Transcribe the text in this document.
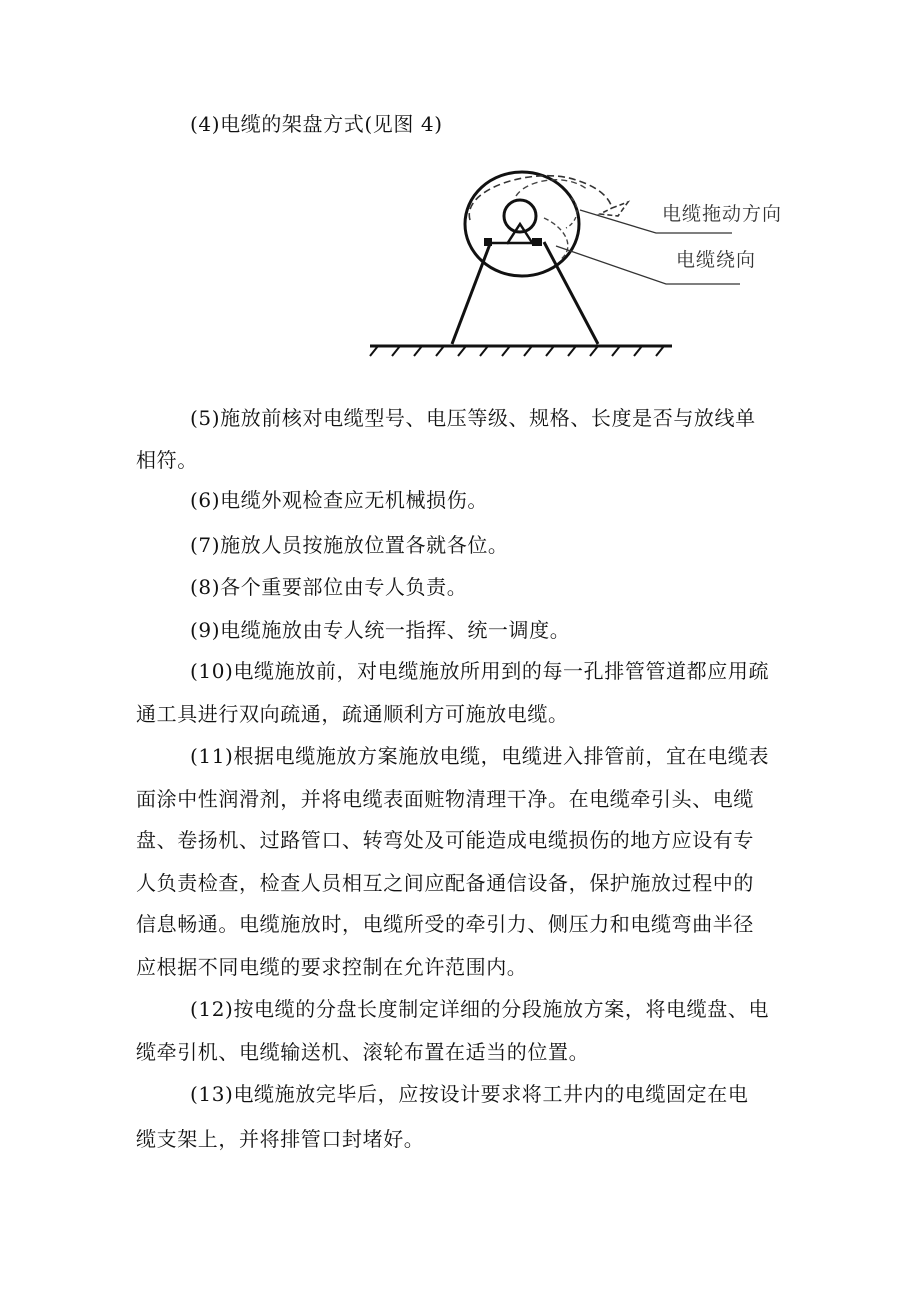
(4)电缆的架盘方式(见图 4)
电缆拖动方向
电缆绕向
(5)施放前核对电缆型号、电压等级、规格、长度是否与放线单
相符。
(6)电缆外观检查应无机械损伤。
(7)施放人员按施放位置各就各位。
(8)各个重要部位由专人负责。
(9)电缆施放由专人统一指挥、统一调度。
(10)电缆施放前，对电缆施放所用到的每一孔排管管道都应用疏
通工具进行双向疏通，疏通顺利方可施放电缆。
(11)根据电缆施放方案施放电缆，电缆进入排管前，宜在电缆表
面涂中性润滑剂，并将电缆表面赃物清理干净。在电缆牵引头、电缆
盘、卷扬机、过路管口、转弯处及可能造成电缆损伤的地方应设有专
人负责检查，检查人员相互之间应配备通信设备，保护施放过程中的
信息畅通。电缆施放时，电缆所受的牵引力、侧压力和电缆弯曲半径
应根据不同电缆的要求控制在允许范围内。
(12)按电缆的分盘长度制定详细的分段施放方案，将电缆盘、电
缆牵引机、电缆输送机、滚轮布置在适当的位置。
(13)电缆施放完毕后，应按设计要求将工井内的电缆固定在电
缆支架上，并将排管口封堵好。
